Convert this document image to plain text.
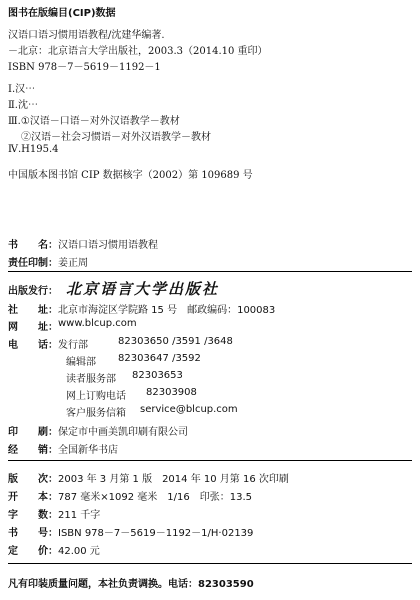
图书在版编目(CIP)数据
汉语口语习惯用语教程/沈建华编著.
－北京：北京语言大学出版社，2003.3（2014.10 重印）
ISBN 978－7－5619－1192－1
Ⅰ.汉⋯
Ⅱ.沈⋯
Ⅲ.①汉语－口语－对外汉语教学－教材
②汉语－社会习惯语－对外汉语教学－教材
Ⅳ.H195.4
中国版本图书馆 CIP 数据核字（2002）第 109689 号
书　　名： 汉语口语习惯用语教程
责任印制： 姜正周
出版发行： 北京语言大学出版社
社　　址： 北京市海淀区学院路 15 号　邮政编码：100083
网　　址： www.blcup.com
电　　话： 发行部	82303650 /3591 /3648
编辑部 82303647 /3592
读者服务部 82303653
网上订购电话 82303908
客户服务信箱 service@blcup.com
印　　刷： 保定市中画美凯印刷有限公司
经　　销： 全国新华书店
版　　次： 2003 年 3 月第 1 版　2014 年 10 月第 16 次印刷
开　　本： 787 毫米×1092 毫米　1/16　印张：13.5
字　　数： 211 千字
书　　号： ISBN 978－7－5619－1192－1/H·02139
定　　价： 42.00 元
凡有印装质量问题，本社负责调换。电话：82303590
